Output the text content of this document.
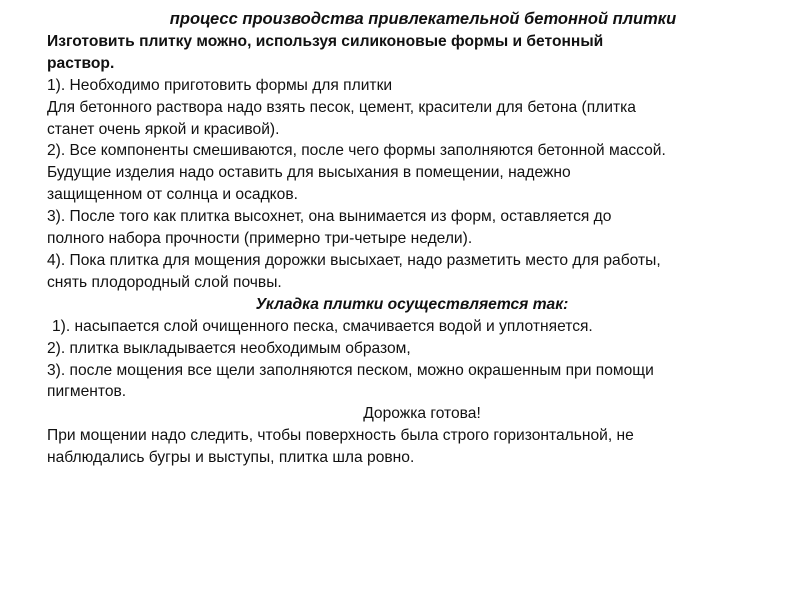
процесс производства привлекательной бетонной плитки
Изготовить плитку можно, используя силиконовые формы и бетонный
раствор.
1). Необходимо приготовить формы для плитки
Для бетонного раствора надо взять песок, цемент, красители для бетона (плитка
станет очень яркой и красивой).
2). Все компоненты смешиваются, после чего формы заполняются бетонной массой.
Будущие изделия надо оставить для высыхания в помещении, надежно
защищенном от солнца и осадков.
3). После того как плитка высохнет, она вынимается из форм, оставляется до
полного набора прочности (примерно три-четыре недели).
4). Пока плитка для мощения дорожки высыхает, надо разметить место для работы,
снять плодородный слой почвы.
Укладка плитки осуществляется так:
1). насыпается слой очищенного песка, смачивается водой и уплотняется.
2). плитка выкладывается необходимым образом,
3). после мощения все щели заполняются песком, можно окрашенным при помощи
пигментов.
Дорожка готова!
При мощении надо следить, чтобы поверхность была строго горизонтальной, не
наблюдались бугры и выступы, плитка шла ровно.
